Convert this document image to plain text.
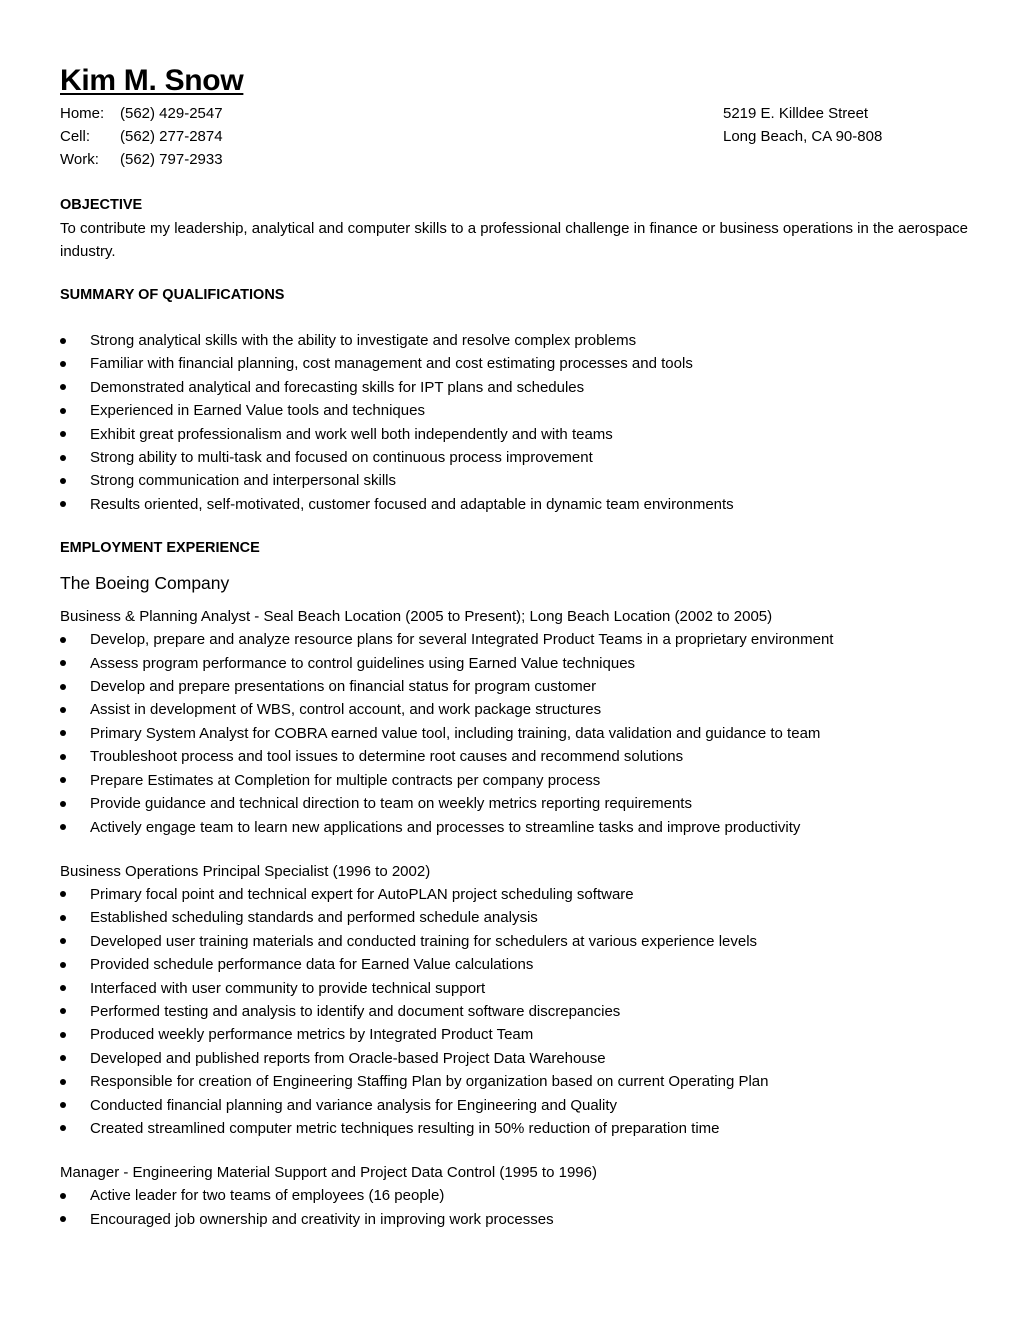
Kim M. Snow
Home: (562) 429-2547
Cell: (562) 277-2874
Work: (562) 797-2933
5219 E. Killdee Street
Long Beach, CA 90-808
OBJECTIVE

To contribute my leadership, analytical and computer skills to a professional challenge in finance or business operations in the aerospace industry.

SUMMARY OF QUALIFICATIONS
Strong analytical skills with the ability to investigate and resolve complex problems
Familiar with financial planning, cost management and cost estimating processes and tools
Demonstrated analytical and forecasting skills for IPT plans and schedules
Experienced in Earned Value tools and techniques
Exhibit great professionalism and work well both independently and with teams
Strong ability to multi-task and focused on continuous process improvement
Strong communication and interpersonal skills
Results oriented, self-motivated, customer focused and adaptable in dynamic team environments
EMPLOYMENT EXPERIENCE

The Boeing Company

Business & Planning Analyst - Seal Beach Location (2005 to Present); Long Beach Location (2002 to 2005)

Develop, prepare and analyze resource plans for several Integrated Product Teams in a proprietary environment
Assess program performance to control guidelines using Earned Value techniques
Develop and prepare presentations on financial status for program customer
Assist in development of WBS, control account, and work package structures
Primary System Analyst for COBRA earned value tool, including training, data validation and guidance to team
Troubleshoot process and tool issues to determine root causes and recommend solutions
Prepare Estimates at Completion for multiple contracts per company process
Provide guidance and technical direction to team on weekly metrics reporting requirements
Actively engage team to learn new applications and processes to streamline tasks and improve productivity

Business Operations Principal Specialist (1996 to 2002)

Primary focal point and technical expert for AutoPLAN project scheduling software
Established scheduling standards and performed schedule analysis
Developed user training materials and conducted training for schedulers at various experience levels
Provided schedule performance data for Earned Value calculations
Interfaced with user community to provide technical support
Performed testing and analysis to identify and document software discrepancies
Produced weekly performance metrics by Integrated Product Team
Developed and published reports from Oracle-based Project Data Warehouse
Responsible for creation of Engineering Staffing Plan by organization based on current Operating Plan
Conducted financial planning and variance analysis for Engineering and Quality
Created streamlined computer metric techniques resulting in 50% reduction of preparation time

Manager - Engineering Material Support and Project Data Control (1995 to 1996)

Active leader for two teams of employees (16 people)
Encouraged job ownership and creativity in improving work processes
